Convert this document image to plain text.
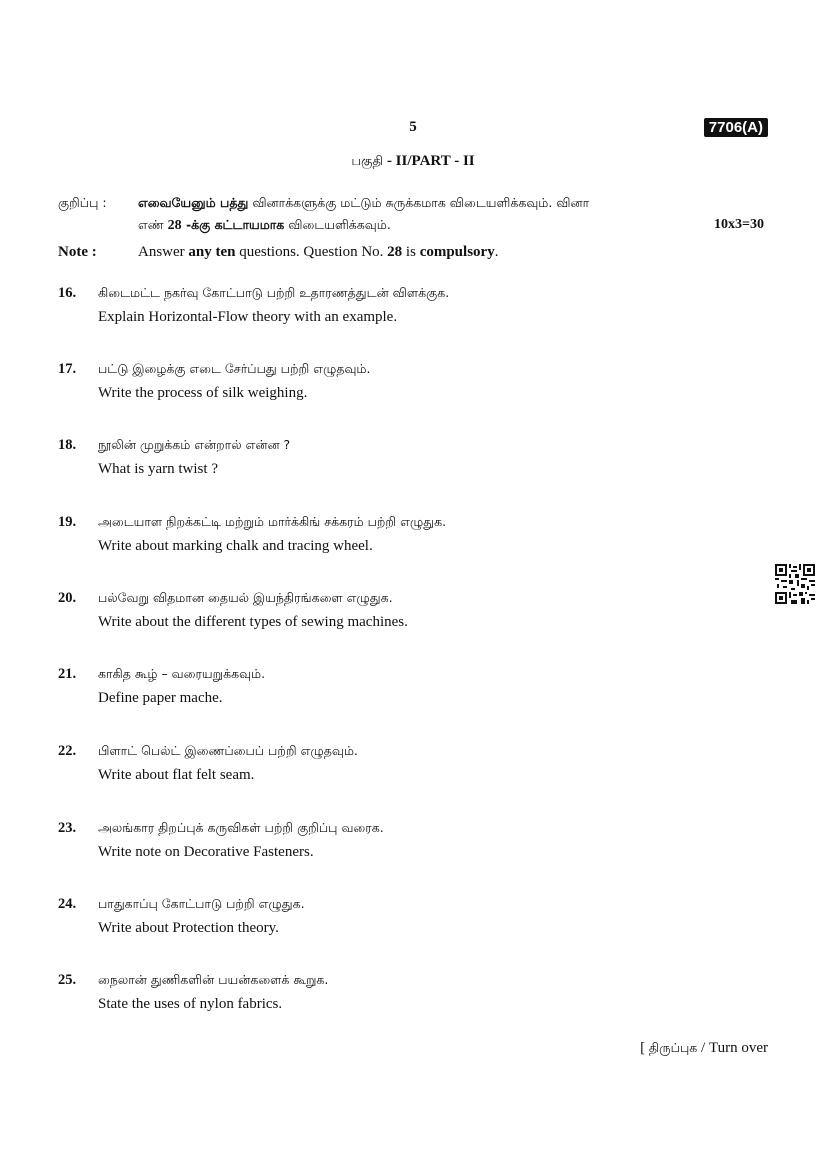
5	7706(A)
பகுதி - II/PART - II
குறிப்பு :	எவையேனும் பத்து வினாக்களுக்கு மட்டும் சுருக்கமாக விடையளிக்கவும். வினா
எண் 28 -க்கு கட்டாயமாக விடையளிக்கவும்.	10x3=30
Note :	Answer any ten questions. Question No. 28 is compulsory.
16.	கிடைமட்ட நகர்வு கோட்பாடு பற்றி உதாரணத்துடன் விளக்குக.
Explain Horizontal-Flow theory with an example.
17.	பட்டு இழைக்கு எடை சேர்ப்பது பற்றி எழுதவும்.
Write the process of silk weighing.
18.	நூலின் முறுக்கம் என்றால் என்ன ?
What is yarn twist ?
19.	அடையாள நிறக்கட்டி மற்றும் மார்க்கிங் சக்கரம் பற்றி எழுதுக.
Write about marking chalk and tracing wheel.
20.	பல்வேறு விதமான தையல் இயந்திரங்களை எழுதுக.
Write about the different types of sewing machines.
21.	காகித கூழ் – வரையறுக்கவும்.
Define paper mache.
22.	பிளாட் பெல்ட் இணைப்பைப் பற்றி எழுதவும்.
Write about flat felt seam.
23.	அலங்கார திறப்புக் கருவிகள் பற்றி குறிப்பு வரைக.
Write note on Decorative Fasteners.
24.	பாதுகாப்பு கோட்பாடு பற்றி எழுதுக.
Write about Protection theory.
25.	நைலான் துணிகளின் பயன்களைக் கூறுக.
State the uses of nylon fabrics.
[ திருப்புக / Turn over
